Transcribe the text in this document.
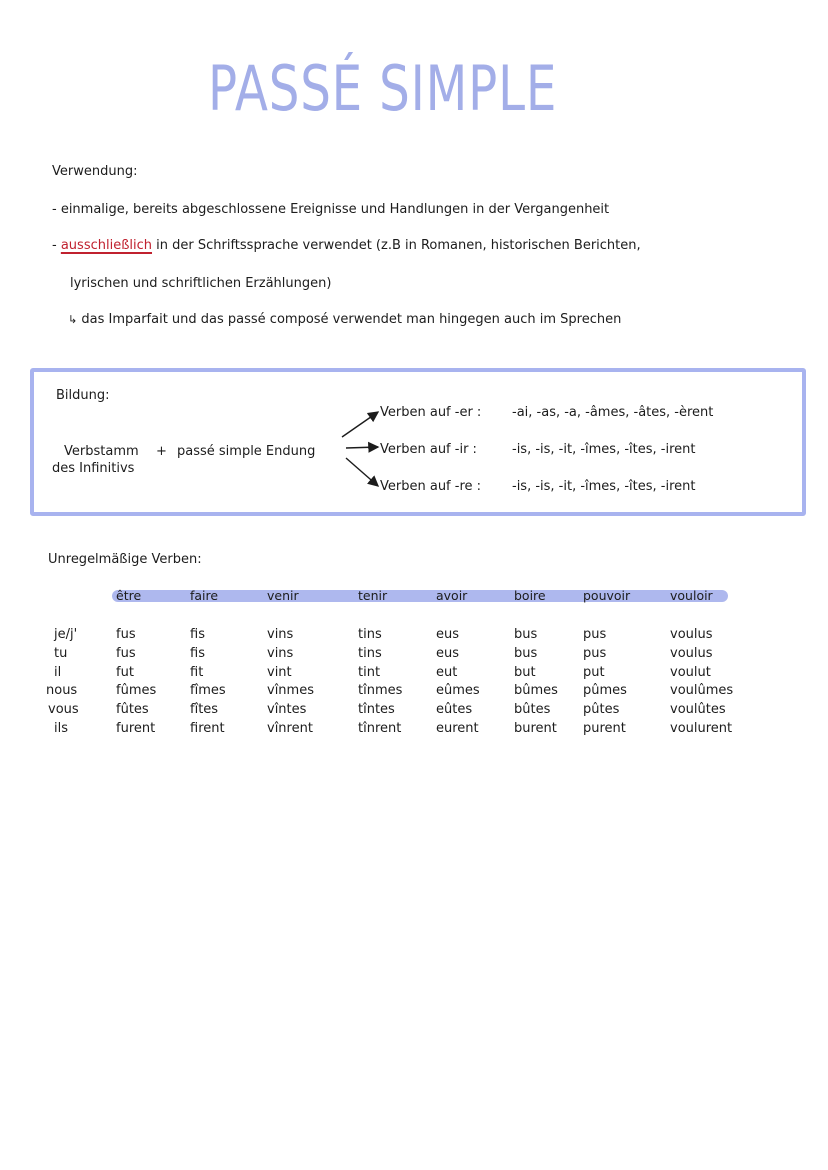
PASSÉ SIMPLE
Verwendung:
- einmalige, bereits abgeschlossene Ereignisse und Handlungen in der Vergangenheit
- ausschließlich in der Schriftssprache verwendet (z.B in Romanen, historischen Berichten,
lyrischen und schriftlichen Erzählungen)
↳ das Imparfait und das passé composé verwendet man hingegen auch im Sprechen
Bildung:
Verbstamm + passé simple Endung
des Infinitivs
Verben auf -er : -ai, -as, -a, -âmes, -âtes, -èrent
Verben auf -ir :	-is, -is, -it, -îmes, -îtes, -irent
Verben auf -re : -is, -is, -it, -îmes, -îtes, -irent
Unregelmäßige Verben:
je/j'
tu
il
nous
vous
ils
être
fus
fus
fut
fûmes
fûtes
furent
faire
fis
fis
fit
fîmes
fîtes
firent
venir
vins
vins
vint
vînmes
vîntes
vînrent
tenir
tins
tins
tint
tînmes
tîntes
tînrent
avoir
eus
eus
eut
eûmes
eûtes
eurent
boire
bus
bus
but
bûmes
bûtes
burent
pouvoir
pus
pus
put
pûmes
pûtes
purent
vouloir
voulus
voulus
voulut
voulûmes
voulûtes
voulurent
